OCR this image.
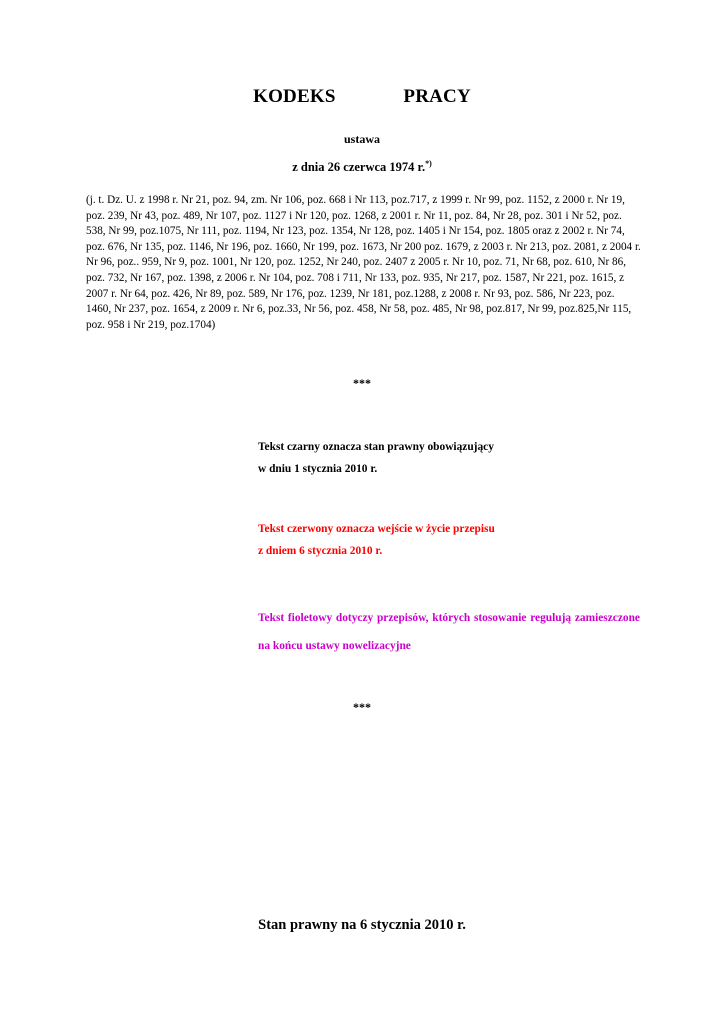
KODEKS    PRACY
ustawa
z dnia 26 czerwca 1974 r.*)
(j. t. Dz. U. z 1998 r. Nr 21, poz. 94, zm. Nr 106, poz. 668 i Nr 113, poz.717, z 1999 r. Nr 99, poz. 1152, z 2000 r. Nr 19, poz. 239, Nr 43, poz. 489, Nr 107, poz. 1127 i Nr 120, poz. 1268, z 2001 r. Nr 11, poz. 84, Nr 28, poz. 301 i Nr 52, poz. 538, Nr 99, poz.1075, Nr 111, poz. 1194, Nr 123, poz. 1354, Nr 128, poz. 1405 i Nr 154, poz. 1805 oraz z 2002 r. Nr 74, poz. 676, Nr 135, poz. 1146, Nr 196, poz. 1660, Nr 199, poz. 1673, Nr 200 poz. 1679, z 2003 r. Nr 213, poz. 2081, z 2004 r. Nr 96, poz.. 959, Nr 9, poz. 1001, Nr 120, poz. 1252, Nr 240, poz. 2407 z 2005 r. Nr 10, poz. 71, Nr 68, poz. 610, Nr 86, poz. 732, Nr 167, poz. 1398, z 2006 r. Nr 104, poz. 708 i 711, Nr 133, poz. 935, Nr 217, poz. 1587, Nr 221, poz. 1615, z 2007 r. Nr 64, poz. 426, Nr 89, poz. 589, Nr 176, poz. 1239, Nr 181, poz.1288, z 2008 r. Nr 93, poz. 586, Nr 223, poz. 1460, Nr 237, poz. 1654, z 2009 r. Nr 6, poz.33, Nr 56, poz. 458, Nr 58, poz. 485, Nr 98, poz.817, Nr 99, poz.825,Nr 115, poz. 958 i Nr 219, poz.1704)
***
Tekst czarny oznacza stan prawny obowiązujący
w dniu 1 stycznia 2010 r.
Tekst czerwony oznacza wejście w życie przepisu
z dniem 6 stycznia 2010 r.
Tekst fioletowy dotyczy przepisów, których stosowanie regulują zamieszczone na końcu ustawy nowelizacyjne
***
Stan prawny na 6 stycznia 2010 r.
